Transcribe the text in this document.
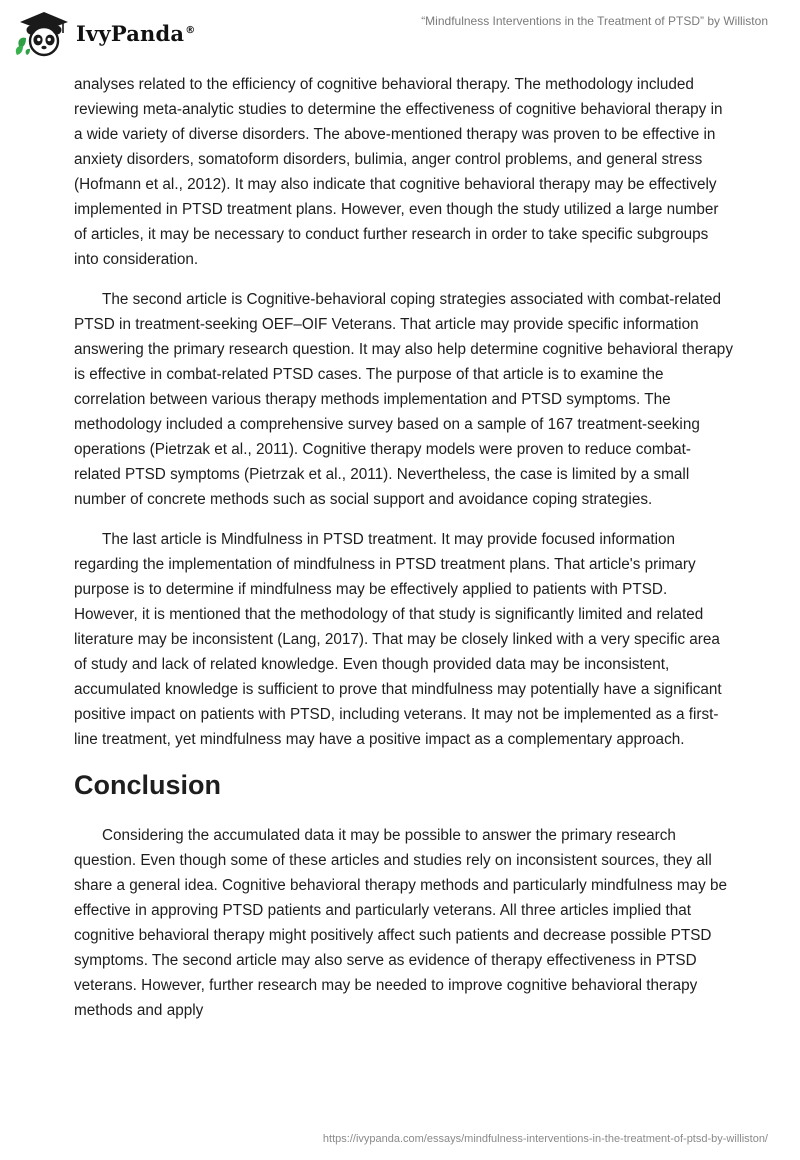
IvyPanda®
“Mindfulness Interventions in the Treatment of PTSD” by Williston

analyses related to the efficiency of cognitive behavioral therapy. The methodology included reviewing meta-analytic studies to determine the effectiveness of cognitive behavioral therapy in a wide variety of diverse disorders. The above-mentioned therapy was proven to be effective in anxiety disorders, somatoform disorders, bulimia, anger control problems, and general stress (Hofmann et al., 2012). It may also indicate that cognitive behavioral therapy may be effectively implemented in PTSD treatment plans. However, even though the study utilized a large number of articles, it may be necessary to conduct further research in order to take specific subgroups into consideration.

The second article is Cognitive-behavioral coping strategies associated with combat-related PTSD in treatment-seeking OEF–OIF Veterans. That article may provide specific information answering the primary research question. It may also help determine cognitive behavioral therapy is effective in combat-related PTSD cases. The purpose of that article is to examine the correlation between various therapy methods implementation and PTSD symptoms. The methodology included a comprehensive survey based on a sample of 167 treatment-seeking operations (Pietrzak et al., 2011). Cognitive therapy models were proven to reduce combat-related PTSD symptoms (Pietrzak et al., 2011). Nevertheless, the case is limited by a small number of concrete methods such as social support and avoidance coping strategies.

The last article is Mindfulness in PTSD treatment. It may provide focused information regarding the implementation of mindfulness in PTSD treatment plans. That article's primary purpose is to determine if mindfulness may be effectively applied to patients with PTSD. However, it is mentioned that the methodology of that study is significantly limited and related literature may be inconsistent (Lang, 2017). That may be closely linked with a very specific area of study and lack of related knowledge. Even though provided data may be inconsistent, accumulated knowledge is sufficient to prove that mindfulness may potentially have a significant positive impact on patients with PTSD, including veterans. It may not be implemented as a first-line treatment, yet mindfulness may have a positive impact as a complementary approach.

Conclusion

Considering the accumulated data it may be possible to answer the primary research question. Even though some of these articles and studies rely on inconsistent sources, they all share a general idea. Cognitive behavioral therapy methods and particularly mindfulness may be effective in approving PTSD patients and particularly veterans. All three articles implied that cognitive behavioral therapy might positively affect such patients and decrease possible PTSD symptoms. The second article may also serve as evidence of therapy effectiveness in PTSD veterans. However, further research may be needed to improve cognitive behavioral therapy methods and apply

https://ivypanda.com/essays/mindfulness-interventions-in-the-treatment-of-ptsd-by-williston/
